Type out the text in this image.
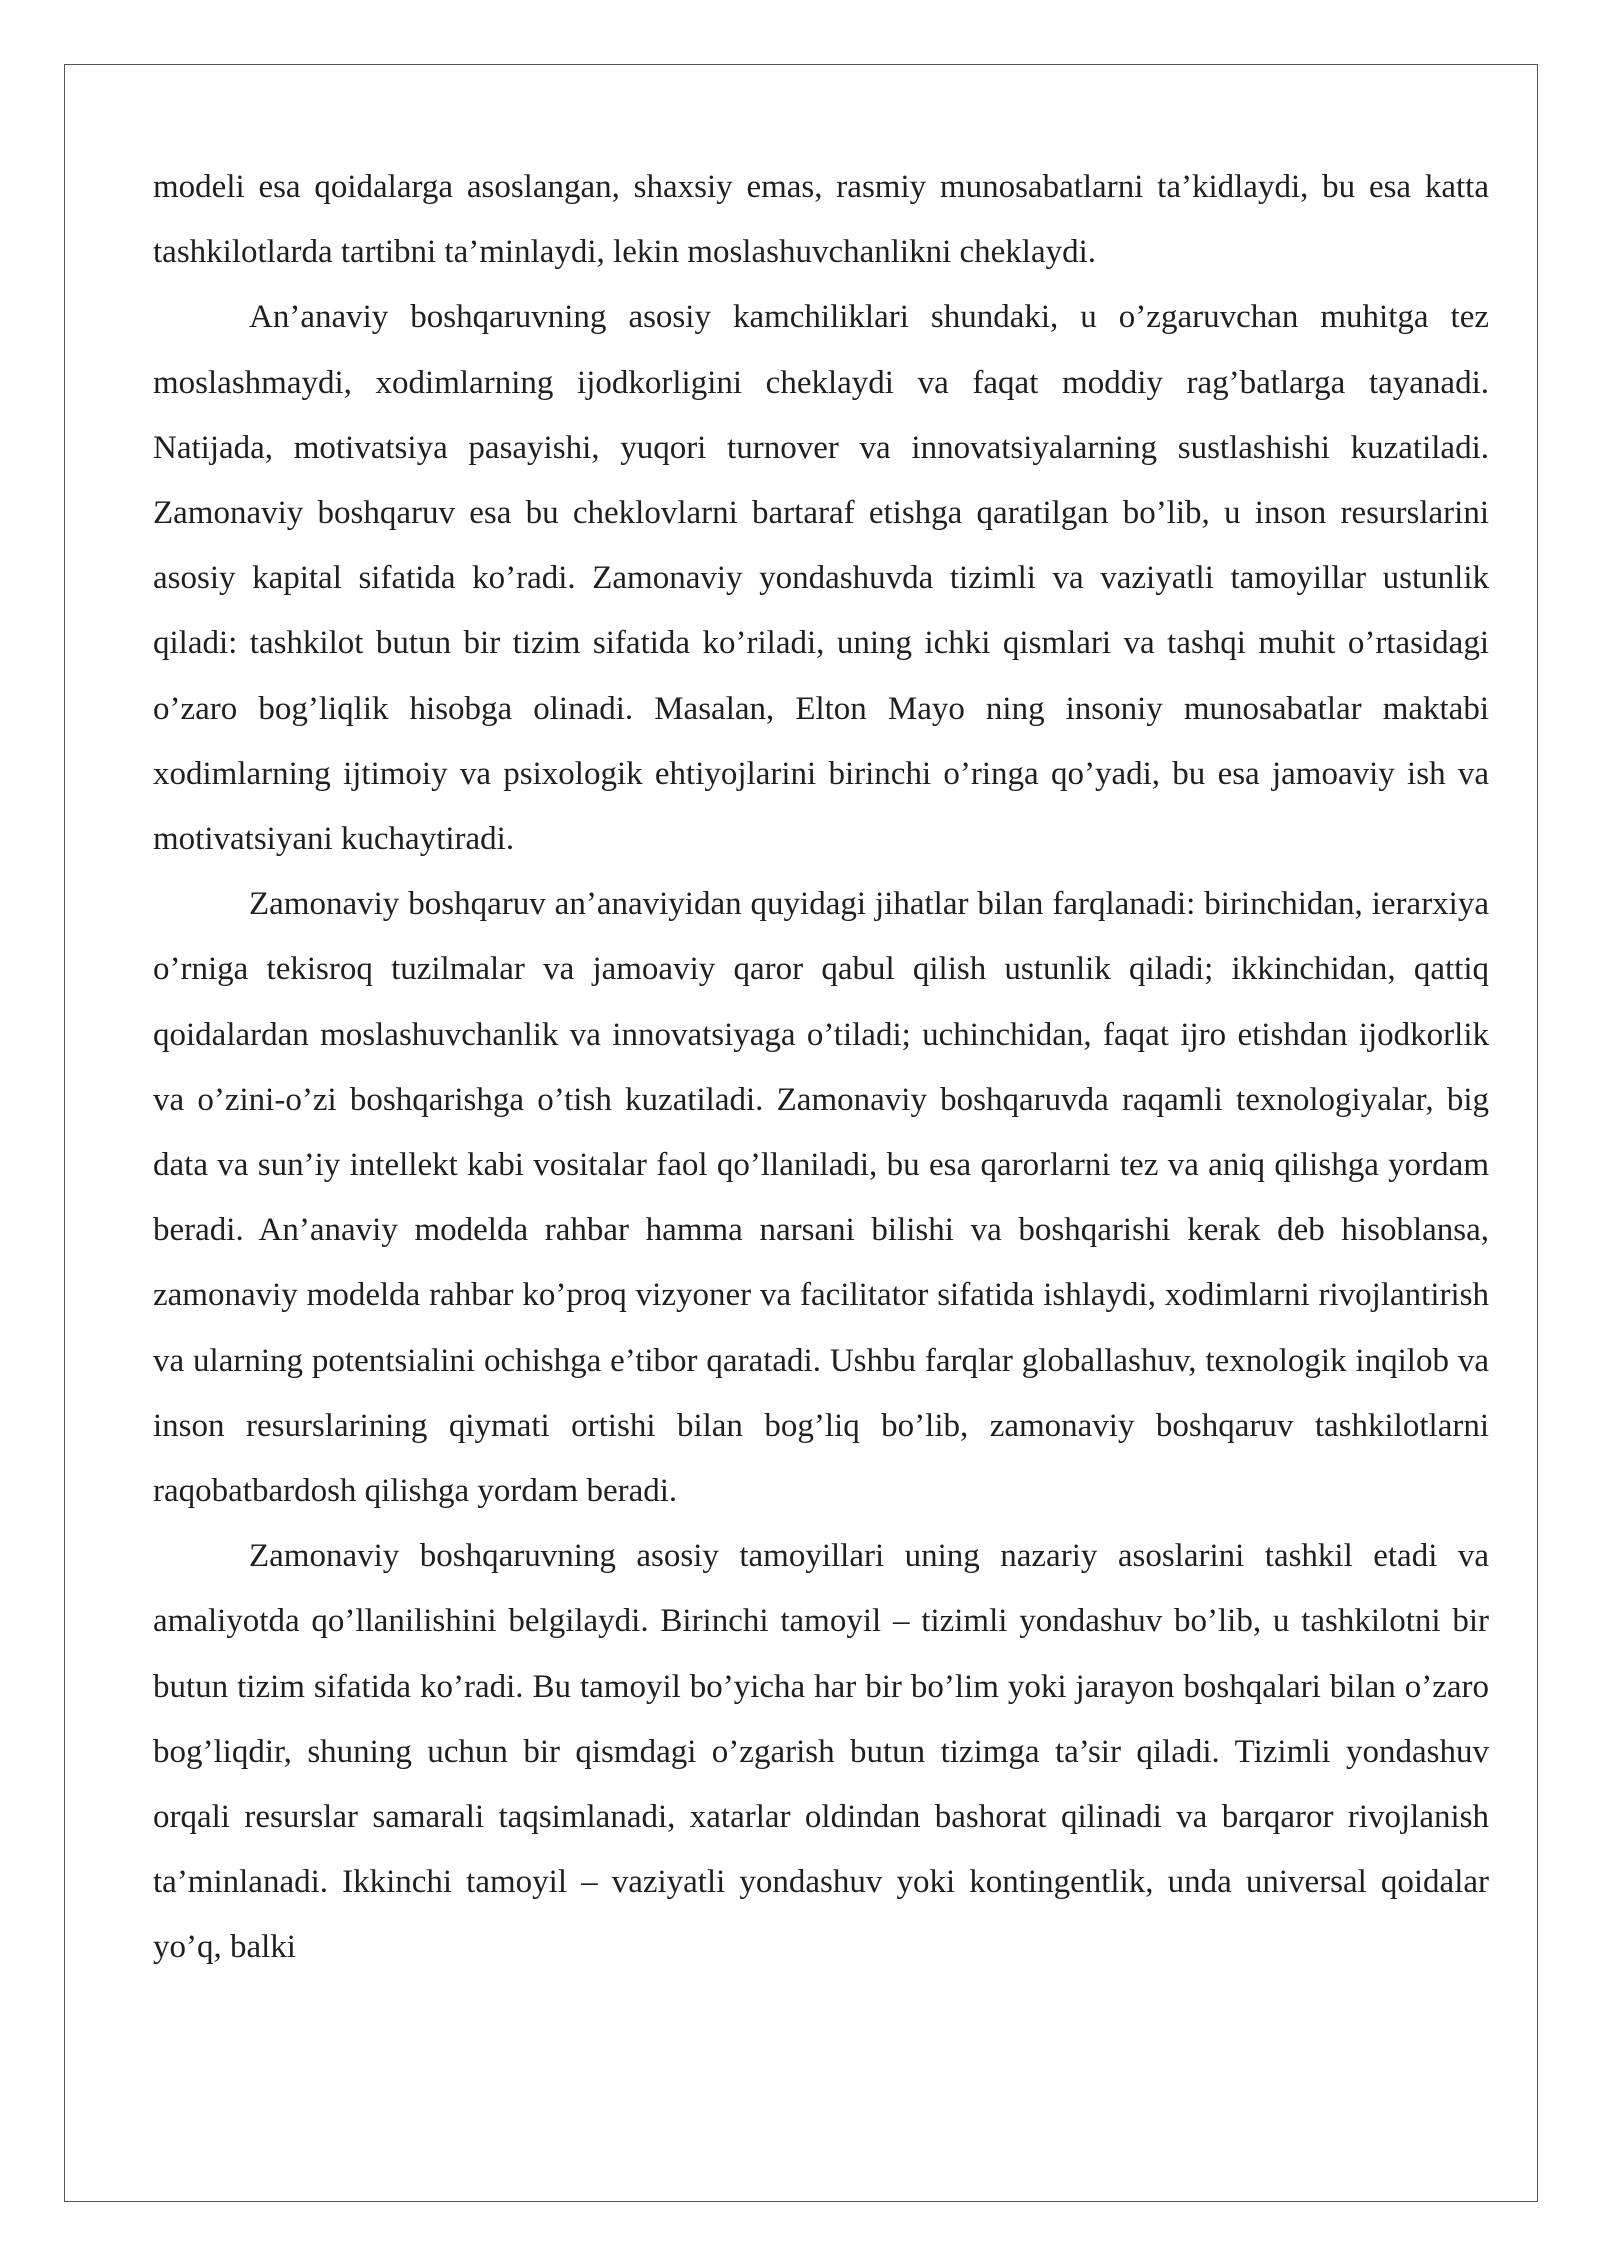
modeli esa qoidalarga asoslangan, shaxsiy emas, rasmiy munosabatlarni ta’kidlaydi, bu esa katta tashkilotlarda tartibni ta’minlaydi, lekin moslashuvchanlikni cheklaydi.

An’anaviy boshqaruvning asosiy kamchiliklari shundaki, u o’zgaruvchan muhitga tez moslashmaydi, xodimlarning ijodkorligini cheklaydi va faqat moddiy rag’batlarga tayanadi. Natijada, motivatsiya pasayishi, yuqori turnover va innovatsiyalarning sustlashishi kuzatiladi. Zamonaviy boshqaruv esa bu cheklovlarni bartaraf etishga qaratilgan bo’lib, u inson resurslarini asosiy kapital sifatida ko’radi. Zamonaviy yondashuvda tizimli va vaziyatli tamoyillar ustunlik qiladi: tashkilot butun bir tizim sifatida ko’riladi, uning ichki qismlari va tashqi muhit o’rtasidagi o’zaro bog’liqlik hisobga olinadi. Masalan, Elton Mayo ning insoniy munosabatlar maktabi xodimlarning ijtimoiy va psixologik ehtiyojlarini birinchi o’ringa qo’yadi, bu esa jamoaviy ish va motivatsiyani kuchaytiradi.

Zamonaviy boshqaruv an’anaviyidan quyidagi jihatlar bilan farqlanadi: birinchidan, ierarxiya o’rniga tekisroq tuzilmalar va jamoaviy qaror qabul qilish ustunlik qiladi; ikkinchidan, qattiq qoidalardan moslashuvchanlik va innovatsiyaga o’tiladi; uchinchidan, faqat ijro etishdan ijodkorlik va o’zini-o’zi boshqarishga o’tish kuzatiladi. Zamonaviy boshqaruvda raqamli texnologiyalar, big data va sun’iy intellekt kabi vositalar faol qo’llaniladi, bu esa qarorlarni tez va aniq qilishga yordam beradi. An’anaviy modelda rahbar hamma narsani bilishi va boshqarishi kerak deb hisoblansa, zamonaviy modelda rahbar ko’proq vizyoner va facilitator sifatida ishlaydi, xodimlarni rivojlantirish va ularning potentsialini ochishga e’tibor qaratadi. Ushbu farqlar globallashuv, texnologik inqilob va inson resurslarining qiymati ortishi bilan bog’liq bo’lib, zamonaviy boshqaruv tashkilotlarni raqobatbardosh qilishga yordam beradi.

Zamonaviy boshqaruvning asosiy tamoyillari uning nazariy asoslarini tashkil etadi va amaliyotda qo’llanilishini belgilaydi. Birinchi tamoyil – tizimli yondashuv bo’lib, u tashkilotni bir butun tizim sifatida ko’radi. Bu tamoyil bo’yicha har bir bo’lim yoki jarayon boshqalari bilan o’zaro bog’liqdir, shuning uchun bir qismdagi o’zgarish butun tizimga ta’sir qiladi. Tizimli yondashuv orqali resurslar samarali taqsimlanadi, xatarlar oldindan bashorat qilinadi va barqaror rivojlanish ta’minlanadi. Ikkinchi tamoyil – vaziyatli yondashuv yoki kontingentlik, unda universal qoidalar yo’q, balki
